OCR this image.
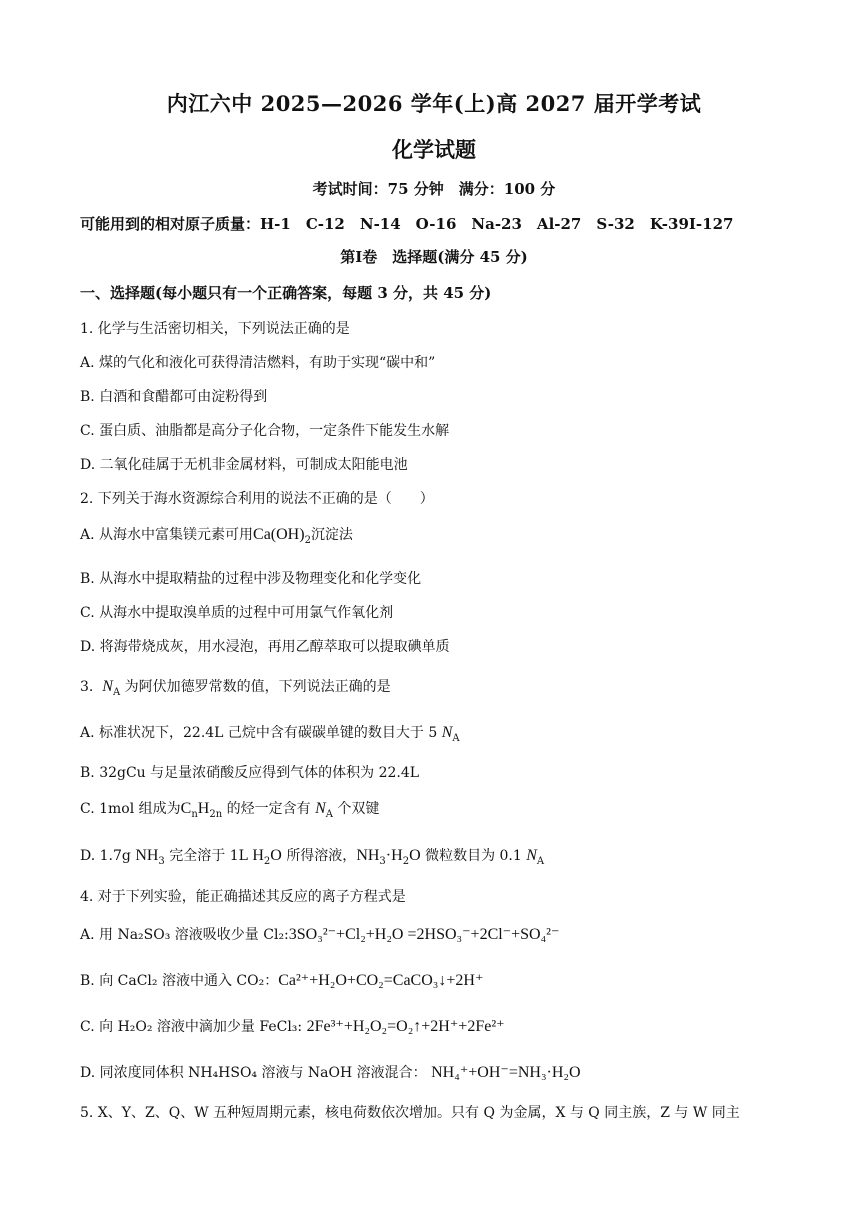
内江六中 2025—2026 学年(上)高 2027 届开学考试
化学试题
考试时间：75 分钟　满分：100 分
可能用到的相对原子质量：H-1　C-12　N-14　O-16　Na-23　Al-27　S-32　K-39I-127
第Ⅰ卷　选择题(满分 45 分)
一、选择题(每小题只有一个正确答案，每题 3 分，共 45 分)
1. 化学与生活密切相关，下列说法正确的是
A. 煤的气化和液化可获得清洁燃料，有助于实现“碳中和”
B. 白酒和食醋都可由淀粉得到
C. 蛋白质、油脂都是高分子化合物，一定条件下能发生水解
D. 二氧化硅属于无机非金属材料，可制成太阳能电池
2. 下列关于海水资源综合利用的说法不正确的是（　　）
A. 从海水中富集镁元素可用$Ca(OH)_2$沉淀法
B. 从海水中提取精盐的过程中涉及物理变化和化学变化
C. 从海水中提取溴单质的过程中可用氯气作氧化剂
D. 将海带烧成灰，用水浸泡，再用乙醇萃取可以提取碘单质
3. $N_A$ 为阿伏加德罗常数的值，下列说法正确的是
A. 标准状况下，22.4L 己烷中含有碳碳单键的数目大于 5 $N_A$
B. 32gCu 与足量浓硝酸反应得到气体的体积为 22.4L
C. 1mol 组成为$C_nH_{2n}$ 的烃一定含有 $N_A$ 个双键
D. 1.7g $NH_3$ 完全溶于 1L $H_2O$ 所得溶液，$NH_3\cdot H_2O$ 微粒数目为 0.1 $N_A$
4. 对于下列实验，能正确描述其反应的离子方程式是
A. 用 Na₂SO₃ 溶液吸收少量 Cl₂:3SO₃²⁻+Cl₂+H₂O =2HSO₃⁻+2Cl⁻+SO₄²⁻
B. 向 CaCl₂ 溶液中通入 CO₂：Ca²⁺+H₂O+CO₂=CaCO₃↓+2H⁺
C. 向 H₂O₂ 溶液中滴加少量 FeCl₃: 2Fe³⁺+H₂O₂=O₂↑+2H⁺+2Fe²⁺
D. 同浓度同体积 NH₄HSO₄ 溶液与 NaOH 溶液混合： NH₄⁺+OH⁻=NH₃·H₂O
5. X、Y、Z、Q、W 五种短周期元素，核电荷数依次增加。只有 Q 为金属，X 与 Q 同主族，Z 与 W 同主
